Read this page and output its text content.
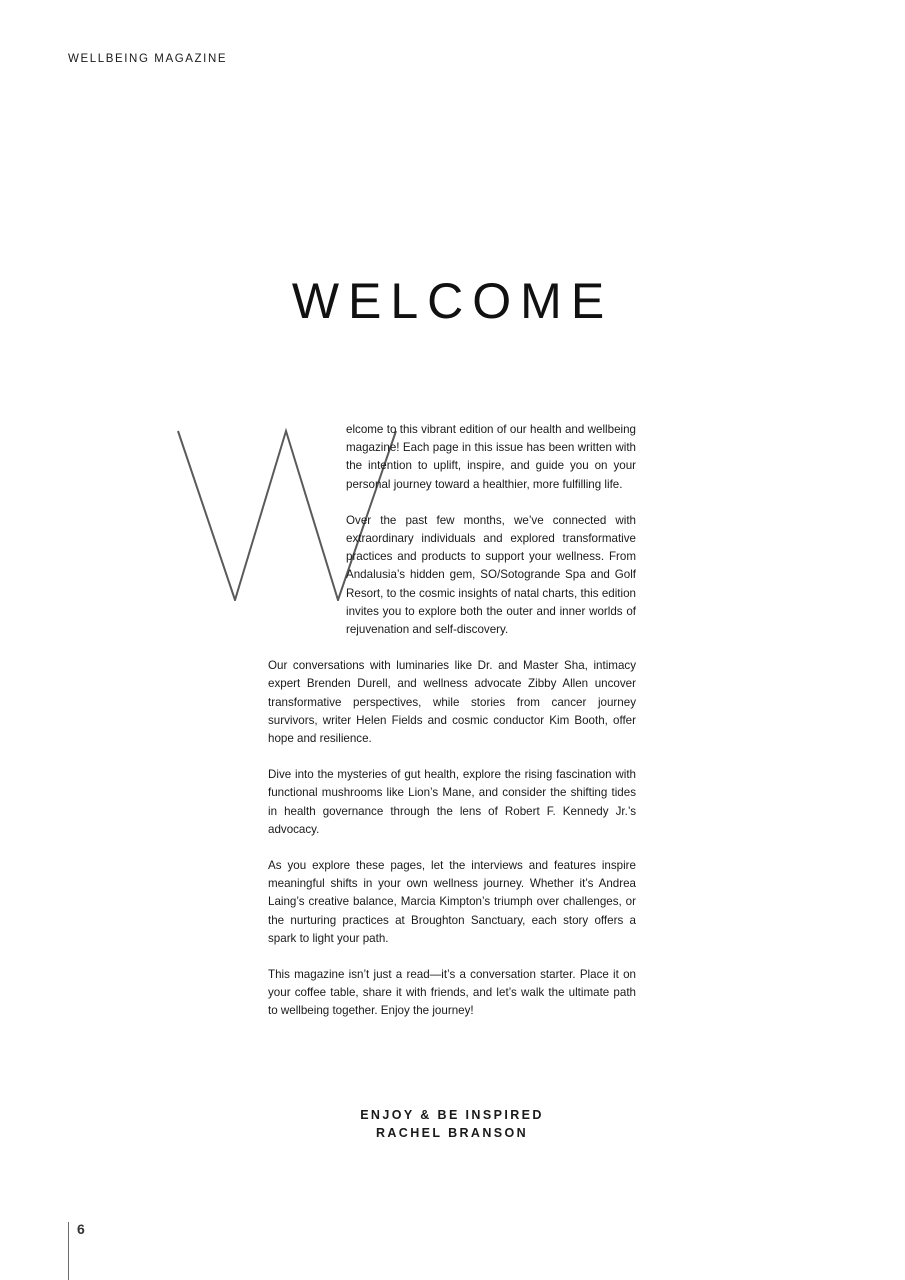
WELLBEING MAGAZINE
WELCOME

elcome to this vibrant edition of our health and wellbeing magazine! Each page in this issue has been written with the intention to uplift, inspire, and guide you on your personal journey toward a healthier, more fulfilling life.

Over the past few months, we’ve connected with extraordinary individuals and explored transformative practices and products to support your wellness. From Andalusia’s hidden gem, SO/Sotogrande Spa and Golf Resort, to the cosmic insights of natal charts, this edition invites you to explore both the outer and inner worlds of rejuvenation and self-discovery.

Our conversations with luminaries like Dr. and Master Sha, intimacy expert Brenden Durell, and wellness advocate Zibby Allen uncover transformative perspectives, while stories from cancer journey survivors, writer Helen Fields and cosmic conductor Kim Booth, offer hope and resilience.

Dive into the mysteries of gut health, explore the rising fascination with functional mushrooms like Lion’s Mane, and consider the shifting tides in health governance through the lens of Robert F. Kennedy Jr.’s advocacy.

As you explore these pages, let the interviews and features inspire meaningful shifts in your own wellness journey. Whether it’s Andrea Laing’s creative balance, Marcia Kimpton’s triumph over challenges, or the nurturing practices at Broughton Sanctuary, each story offers a spark to light your path.

This magazine isn’t just a read—it’s a conversation starter. Place it on your coffee table, share it with friends, and let’s walk the ultimate path to wellbeing together. Enjoy the journey!

ENJOY & BE INSPIRED
RACHEL BRANSON
6
